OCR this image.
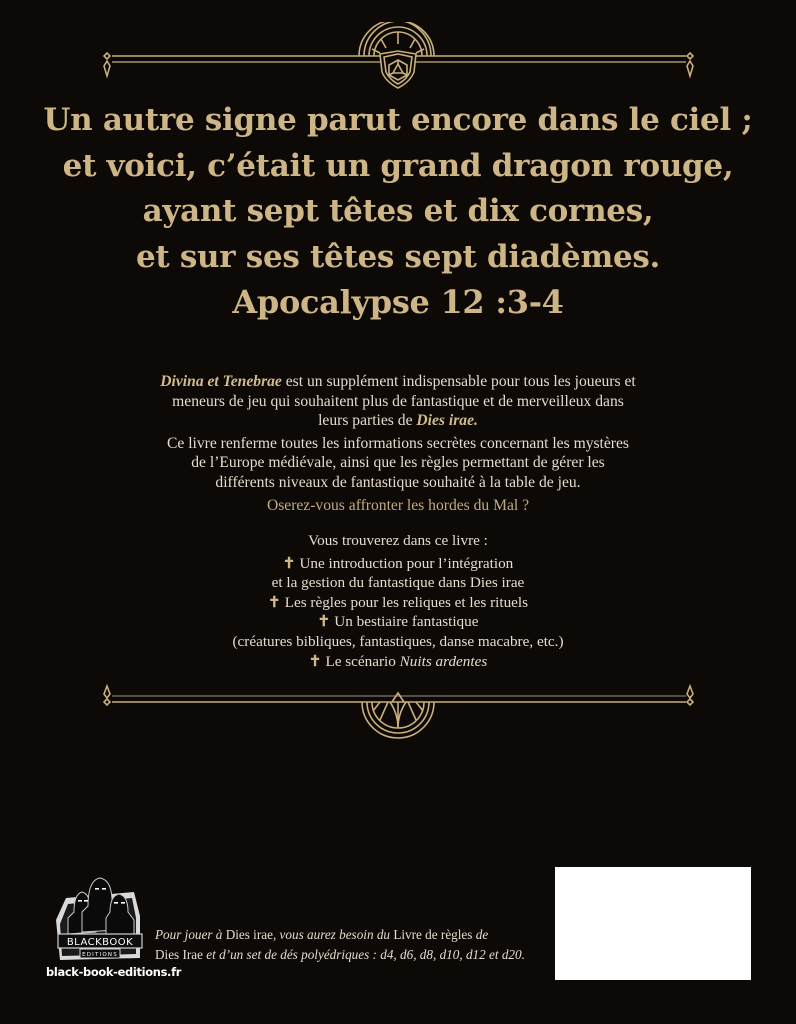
Un autre signe parut encore dans le ciel ;
et voici, c’était un grand dragon rouge,
ayant sept têtes et dix cornes,
et sur ses têtes sept diadèmes.
Apocalypse 12 :3-4

Divina et Tenebrae est un supplément indispensable pour tous les joueurs et meneurs de jeu qui souhaitent plus de fantastique et de merveilleux dans leurs parties de Dies irae.

Ce livre renferme toutes les informations secrètes concernant les mystères de l’Europe médiévale, ainsi que les règles permettant de gérer les différents niveaux de fantastique souhaité à la table de jeu.

Oserez-vous affronter les hordes du Mal ?

Vous trouverez dans ce livre :
✝ Une introduction pour l’intégration
et la gestion du fantastique dans Dies irae
✝ Les règles pour les reliques et les rituels
✝ Un bestiaire fantastique
(créatures bibliques, fantastiques, danse macabre, etc.)
✝ Le scénario Nuits ardentes
BLACKBOOK
EDITIONS
black-book-editions.fr
Pour jouer à Dies irae, vous aurez besoin du Livre de règles de
Dies Irae et d’un set de dés polyédriques : d4, d6, d8, d10, d12 et d20.
